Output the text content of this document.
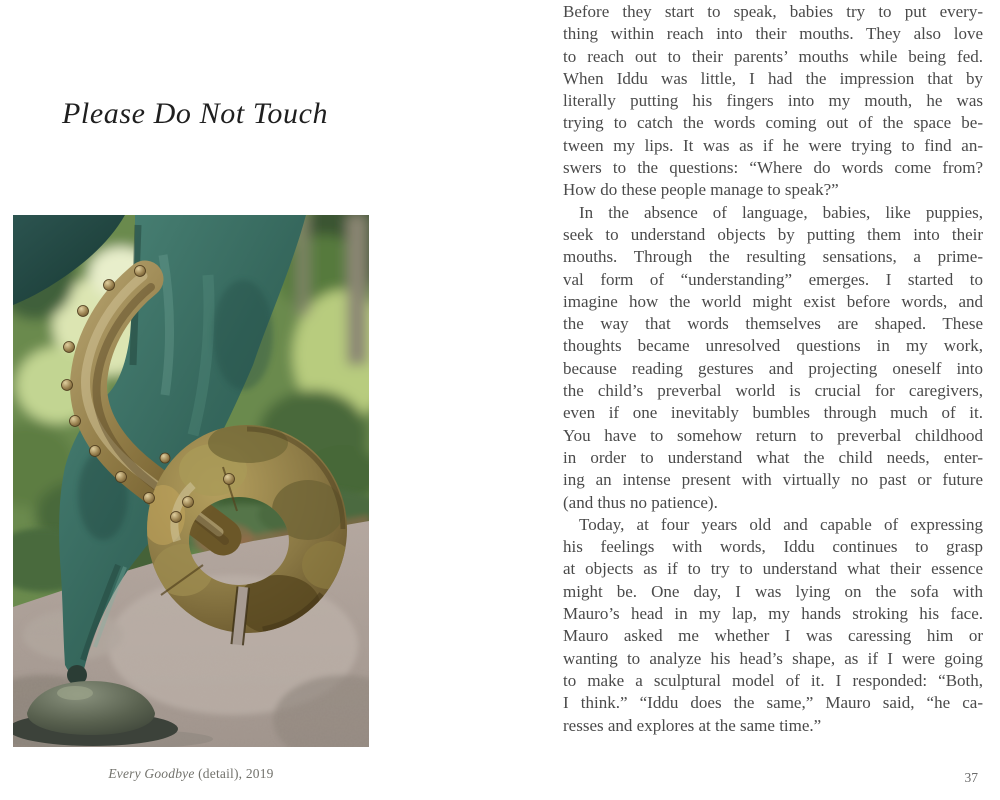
Please Do Not Touch
Every Goodbye (detail), 2019
Before they start to speak, babies try to put every-
thing within reach into their mouths. They also love
to reach out to their parents’ mouths while being fed.
When Iddu was little, I had the impression that by
literally putting his fingers into my mouth, he was
trying to catch the words coming out of the space be-
tween my lips. It was as if he were trying to find an-
swers to the questions: “Where do words come from?
How do these people manage to speak?”
In the absence of language, babies, like puppies,
seek to understand objects by putting them into their
mouths. Through the resulting sensations, a prime-
val form of “understanding” emerges. I started to
imagine how the world might exist before words, and
the way that words themselves are shaped. These
thoughts became unresolved questions in my work,
because reading gestures and projecting oneself into
the child’s preverbal world is crucial for caregivers,
even if one inevitably bumbles through much of it.
You have to somehow return to preverbal childhood
in order to understand what the child needs, enter-
ing an intense present with virtually no past or future
(and thus no patience).
Today, at four years old and capable of expressing
his feelings with words, Iddu continues to grasp
at objects as if to try to understand what their essence
might be. One day, I was lying on the sofa with
Mauro’s head in my lap, my hands stroking his face.
Mauro asked me whether I was caressing him or
wanting to analyze his head’s shape, as if I were going
to make a sculptural model of it. I responded: “Both,
I think.” “Iddu does the same,” Mauro said, “he ca-
resses and explores at the same time.”
37
